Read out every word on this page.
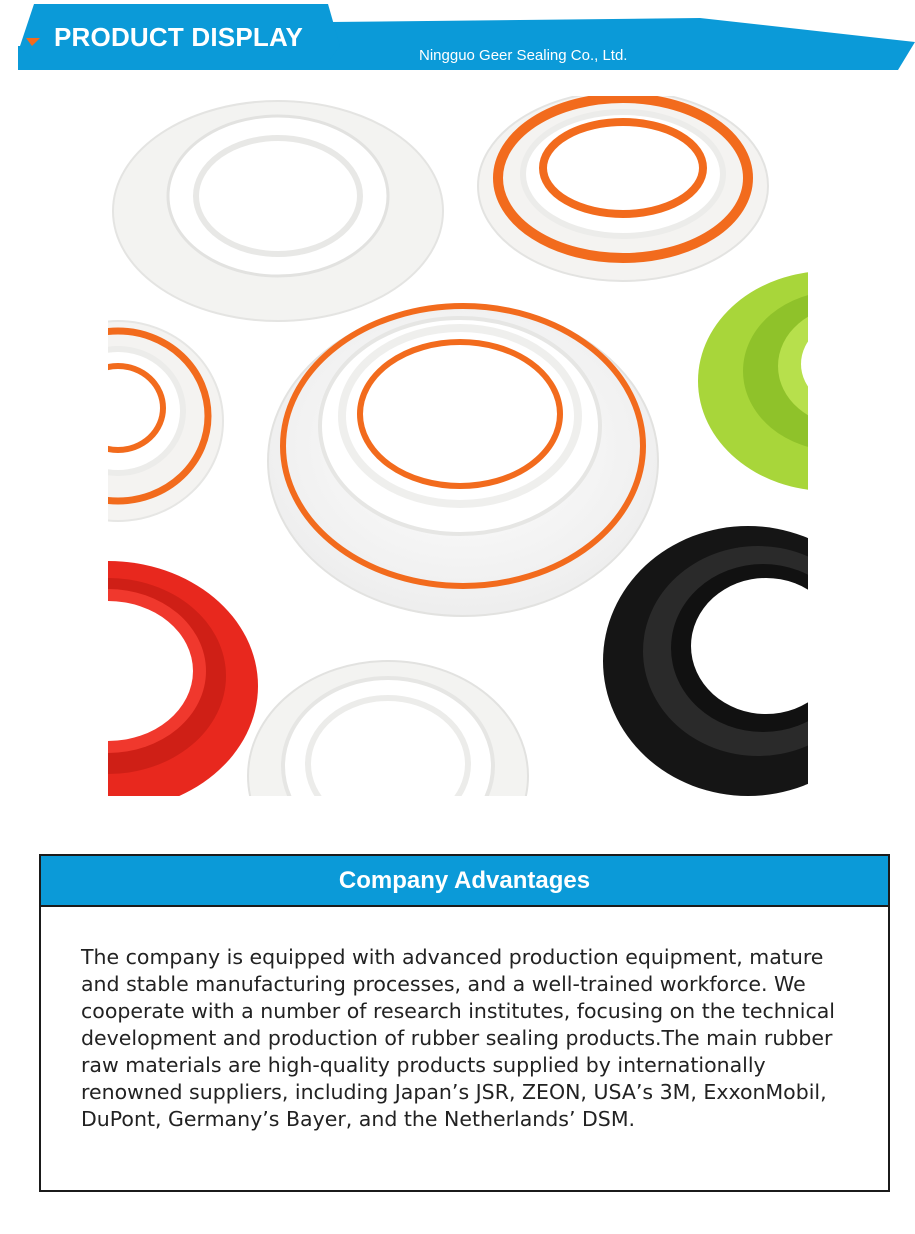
PRODUCT DISPLAY
Ningguo Geer Sealing Co., Ltd.
Company Advantages

The company is equipped with advanced production equipment, mature and stable manufacturing processes, and a well-trained workforce. We cooperate with a number of research institutes, focusing on the technical development and production of rubber sealing products.The main rubber raw materials are high-quality products supplied by internationally renowned suppliers, including Japan’s JSR, ZEON, USA’s 3M, ExxonMobil, DuPont, Germany’s Bayer, and the Netherlands’ DSM.
